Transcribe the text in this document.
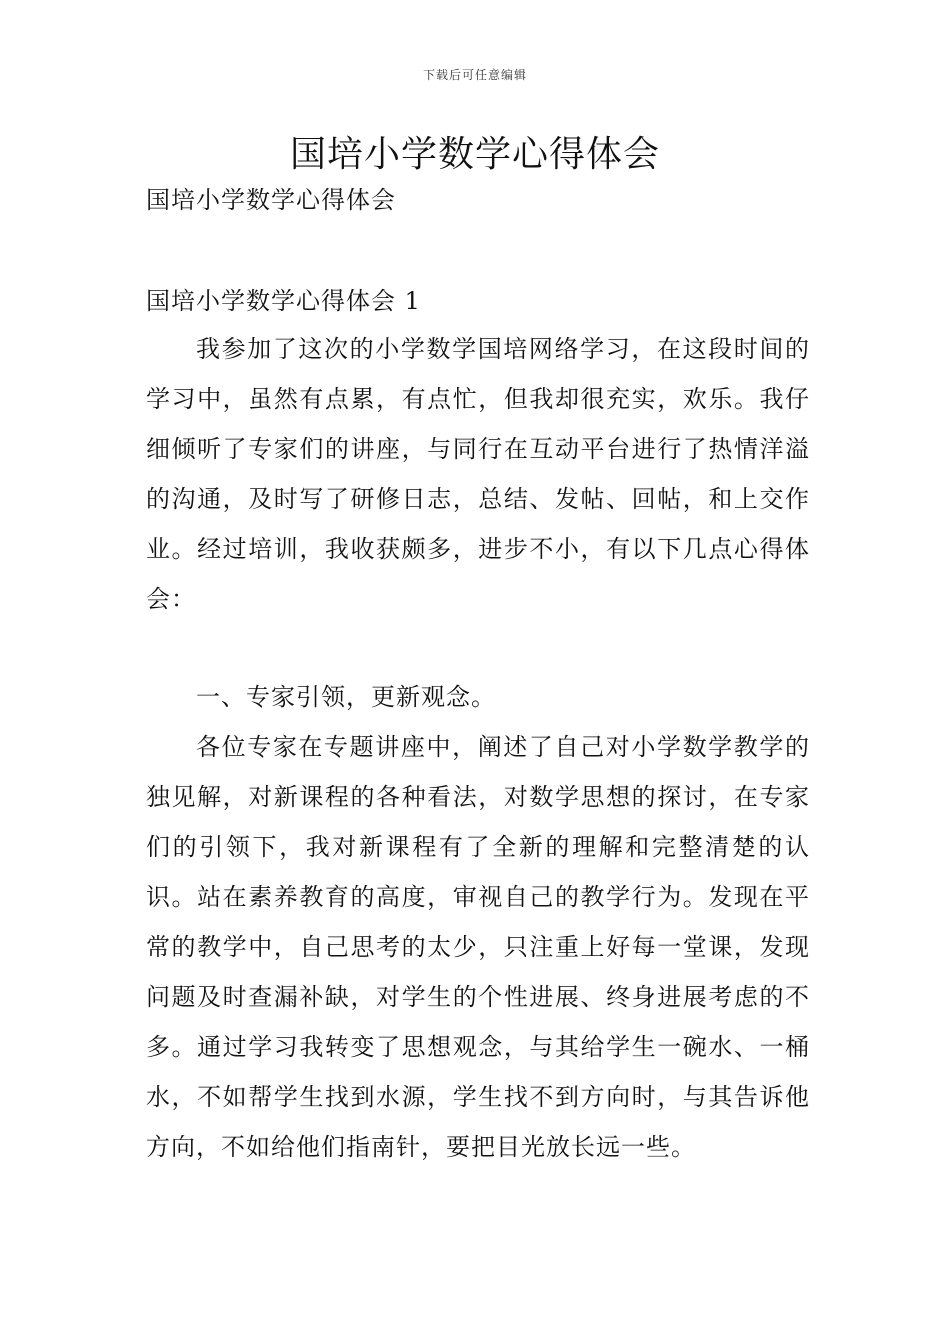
下载后可任意编辑
国培小学数学心得体会

国培小学数学心得体会

国培小学数学心得体会 1

我参加了这次的小学数学国培网络学习，在这段时间的学习中，虽然有点累，有点忙，但我却很充实，欢乐。我仔细倾听了专家们的讲座，与同行在互动平台进行了热情洋溢的沟通，及时写了研修日志，总结、发帖、回帖，和上交作业。经过培训，我收获颇多，进步不小，有以下几点心得体会：

一、专家引领，更新观念。

各位专家在专题讲座中，阐述了自己对小学数学教学的独见解，对新课程的各种看法，对数学思想的探讨，在专家们的引领下，我对新课程有了全新的理解和完整清楚的认识。站在素养教育的高度，审视自己的教学行为。发现在平常的教学中，自己思考的太少，只注重上好每一堂课，发现问题及时查漏补缺，对学生的个性进展、终身进展考虑的不多。通过学习我转变了思想观念，与其给学生一碗水、一桶水，不如帮学生找到水源，学生找不到方向时，与其告诉他方向，不如给他们指南针，要把目光放长远一些。
